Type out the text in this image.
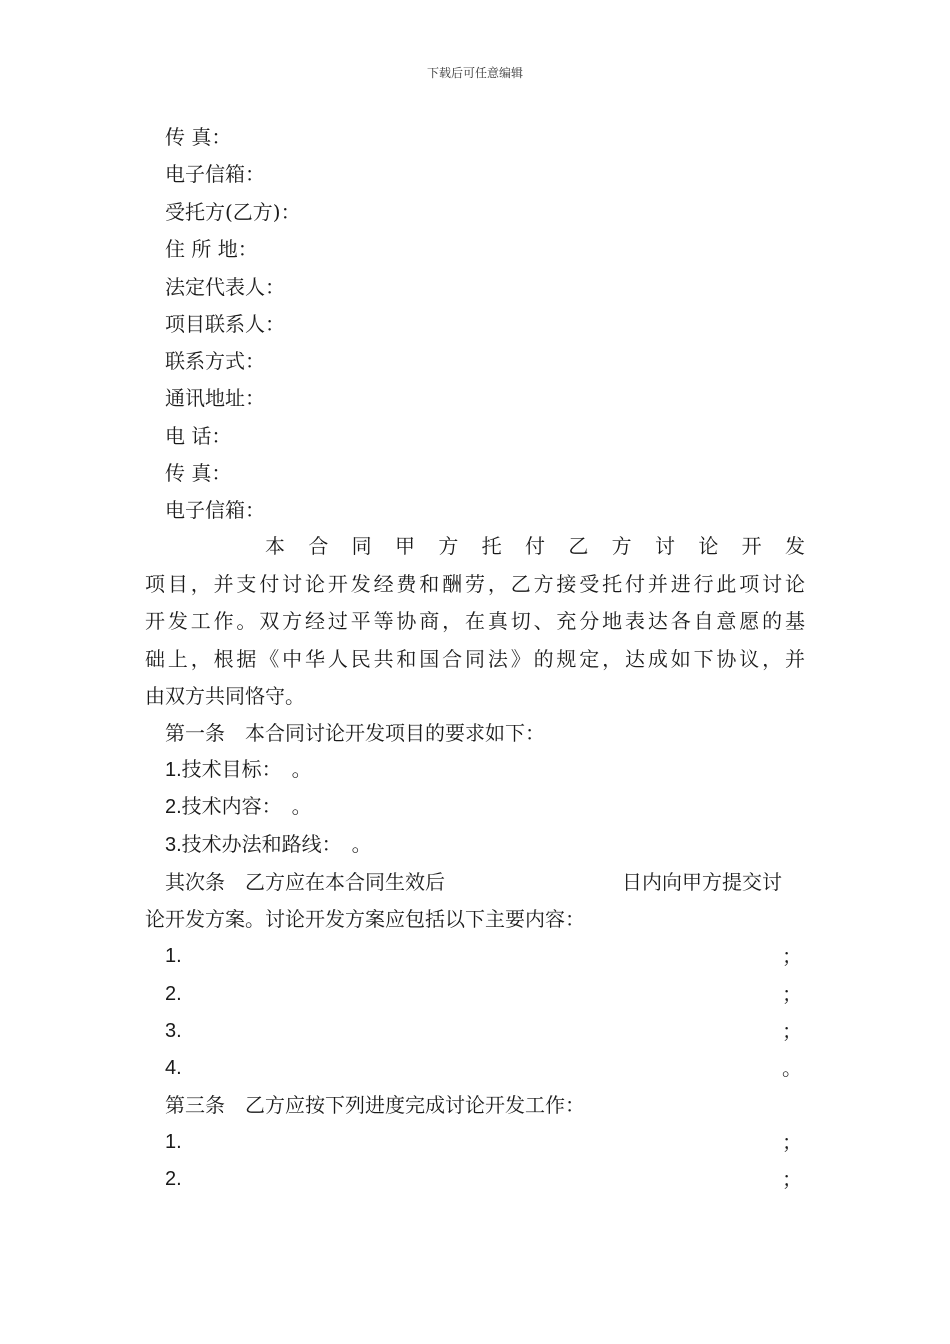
下载后可任意编辑
传 真：
电子信箱：
受托方(乙方)：
住 所 地：
法定代表人：
项目联系人：
联系方式：
通讯地址：
电 话：
传 真：
电子信箱：
本 合 同 甲 方 托 付 乙 方 讨 论 开 发
项目，并支付讨论开发经费和酬劳，乙方接受托付并进行此项讨论
开发工作。双方经过平等协商，在真切、充分地表达各自意愿的基
础上，根据《中华人民共和国合同法》的规定，达成如下协议，并
由双方共同恪守。
第一条　本合同讨论开发项目的要求如下：
1.技术目标：　。
2.技术内容：　。
3.技术办法和路线：　。
其次条　乙方应在本合同生效后	日内向甲方提交讨
论开发方案。讨论开发方案应包括以下主要内容：
1.	；
2.	；
3.	；
4.	。
第三条　乙方应按下列进度完成讨论开发工作：
1.	；
2.	；
